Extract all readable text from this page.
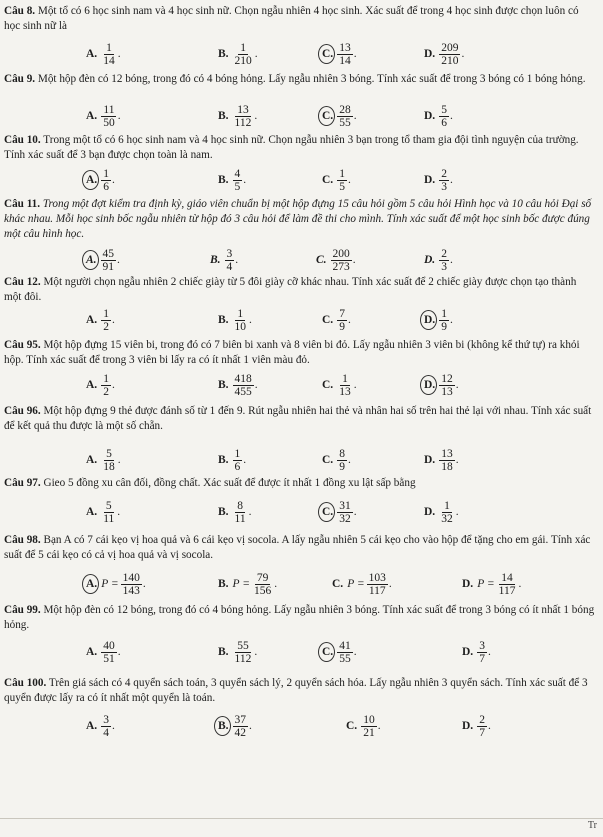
Câu 8. Một tổ có 6 học sinh nam và 4 học sinh nữ. Chọn ngẫu nhiên 4 học sinh. Xác suất để trong 4 học sinh được chọn luôn có học sinh nữ là

A. $\frac{1}{14}$ .	B. $\frac{1}{210}$ .	C. $\frac{13}{14}$ .	D. $\frac{209}{210}$ .

Câu 9. Một hộp đèn có 12 bóng, trong đó có 4 bóng hỏng. Lấy ngẫu nhiên 3 bóng. Tính xác suất để trong 3 bóng có 1 bóng hỏng.

A. $\frac{11}{50}$ .	B. $\frac{13}{112}$ .	C. $\frac{28}{55}$ .	D. $\frac{5}{6}$ .

Câu 10. Trong một tổ có 6 học sinh nam và 4 học sinh nữ. Chọn ngẫu nhiên 3 bạn trong tổ tham gia đội tình nguyện của trường. Tính xác suất để 3 bạn được chọn toàn là nam.

A. $\frac{1}{6}$ .	B. $\frac{4}{5}$ .	C. $\frac{1}{5}$ .	D. $\frac{2}{3}$ .

Câu 11. Trong một đợt kiểm tra định kỳ, giáo viên chuẩn bị một hộp đựng 15 câu hỏi gồm 5 câu hỏi Hình học và 10 câu hỏi Đại số khác nhau. Mỗi học sinh bốc ngẫu nhiên từ hộp đó 3 câu hỏi để làm đề thi cho mình. Tính xác suất để một học sinh bốc được đúng một câu hình học.

A. $\frac{45}{91}$ .	B. $\frac{3}{4}$ .	C. $\frac{200}{273}$ .	D. $\frac{2}{3}$ .

Câu 12. Một người chọn ngẫu nhiên 2 chiếc giày từ 5 đôi giày cỡ khác nhau. Tính xác suất để 2 chiếc giày được chọn tạo thành một đôi.

A. $\frac{1}{2}$ .	B. $\frac{1}{10}$ .	C. $\frac{7}{9}$ .	D. $\frac{1}{9}$ .

Câu 95. Một hộp đựng 15 viên bi, trong đó có 7 biên bi xanh và 8 viên bi đỏ. Lấy ngẫu nhiên 3 viên bi (không kể thứ tự) ra khỏi hộp. Tính xác suất để trong 3 viên bi lấy ra có ít nhất 1 viên màu đỏ.

A. $\frac{1}{2}$ .	B. $\frac{418}{455}$ .	C. $\frac{1}{13}$ .	D. $\frac{12}{13}$ .

Câu 96. Một hộp đựng 9 thẻ được đánh số từ 1 đến 9. Rút ngẫu nhiên hai thẻ và nhân hai số trên hai thẻ lại với nhau. Tính xác suất để kết quả thu được là một số chẵn.

A. $\frac{5}{18}$ .	B. $\frac{1}{6}$ .	C. $\frac{8}{9}$ .	D. $\frac{13}{18}$ .

Câu 97. Gieo 5 đồng xu cân đối, đồng chất. Xác suất để được ít nhất 1 đồng xu lật sấp bằng

A. $\frac{5}{11}$ .	B. $\frac{8}{11}$ .	C. $\frac{31}{32}$ .	D. $\frac{1}{32}$ .

Câu 98. Bạn A có 7 cái kẹo vị hoa quả và 6 cái kẹo vị socola. A lấy ngẫu nhiên 5 cái kẹo cho vào hộp để tặng cho em gái. Tính xác suất để 5 cái kẹo có cả vị hoa quả và vị socola.

A. $P = \frac{140}{143}$ .	B. $P = \frac{79}{156}$ .	C. $P = \frac{103}{117}$ .	D. $P = \frac{14}{117}$ .

Câu 99. Một hộp đèn có 12 bóng, trong đó có 4 bóng hỏng. Lấy ngẫu nhiên 3 bóng. Tính xác suất để trong 3 bóng có ít nhất 1 bóng hỏng.

A. $\frac{40}{51}$ .	B. $\frac{55}{112}$ .	C. $\frac{41}{55}$ .	D. $\frac{3}{7}$ .

Câu 100. Trên giá sách có 4 quyển sách toán, 3 quyển sách lý, 2 quyển sách hóa. Lấy ngẫu nhiên 3 quyển sách. Tính xác suất để 3 quyển được lấy ra có ít nhất một quyển là toán.

A. $\frac{3}{4}$ .	B. $\frac{37}{42}$ .	C. $\frac{10}{21}$ .	D. $\frac{2}{7}$ .
Tr
